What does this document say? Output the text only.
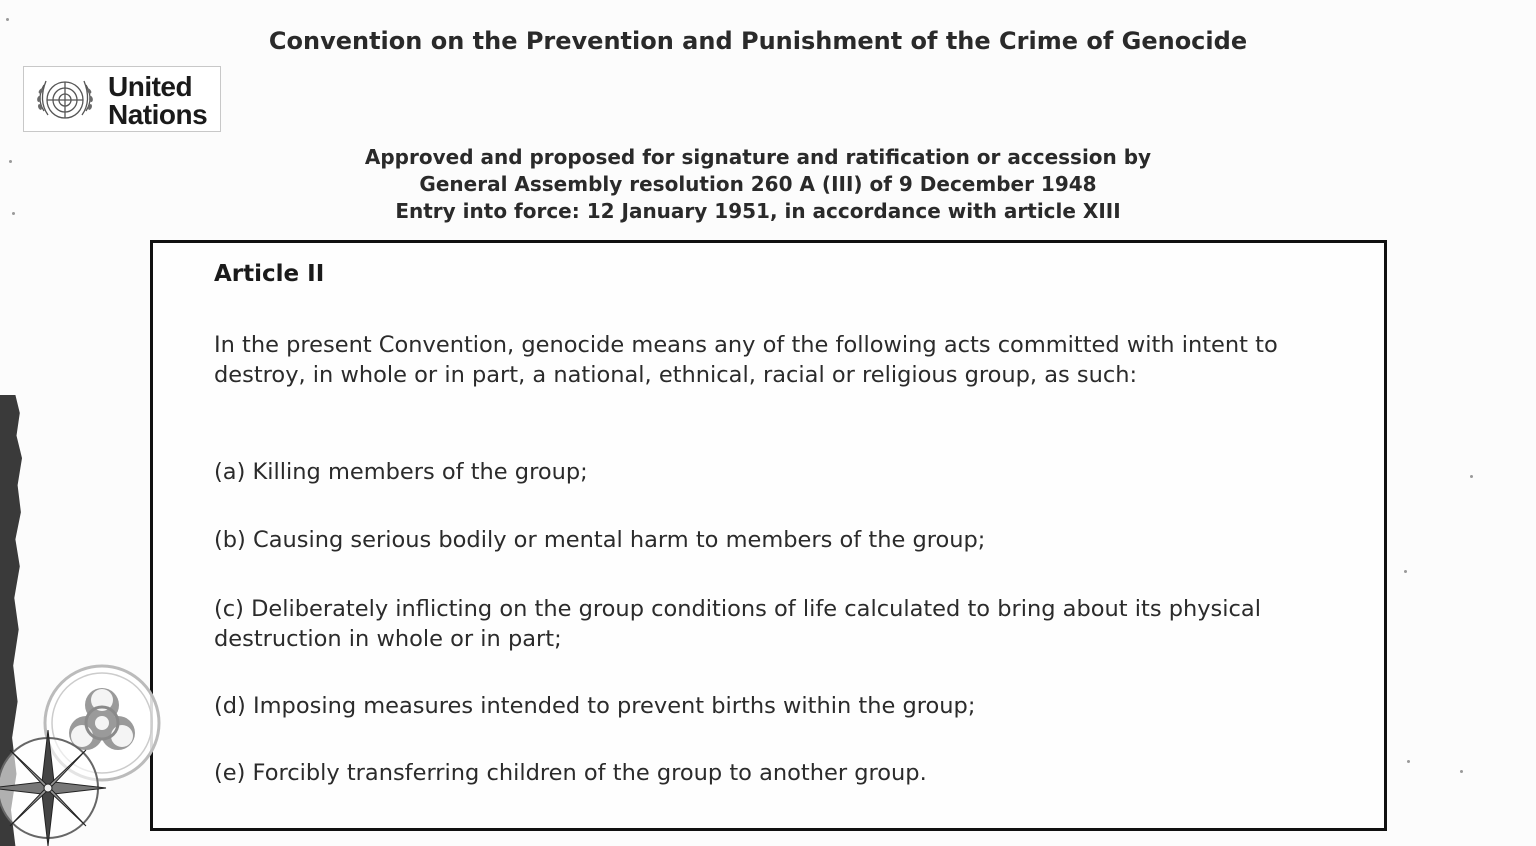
United
Nations
Convention on the Prevention and Punishment of the Crime of Genocide
Approved and proposed for signature and ratification or accession by
General Assembly resolution 260 A (III) of 9 December 1948
Entry into force: 12 January 1951, in accordance with article XIII
Article II
In the present Convention, genocide means any of the following acts committed with intent to destroy, in whole or in part, a national, ethnical, racial or religious group, as such:
(a) Killing members of the group;
(b) Causing serious bodily or mental harm to members of the group;
(c) Deliberately inflicting on the group conditions of life calculated to bring about its physical destruction in whole or in part;
(d) Imposing measures intended to prevent births within the group;
(e) Forcibly transferring children of the group to another group.
